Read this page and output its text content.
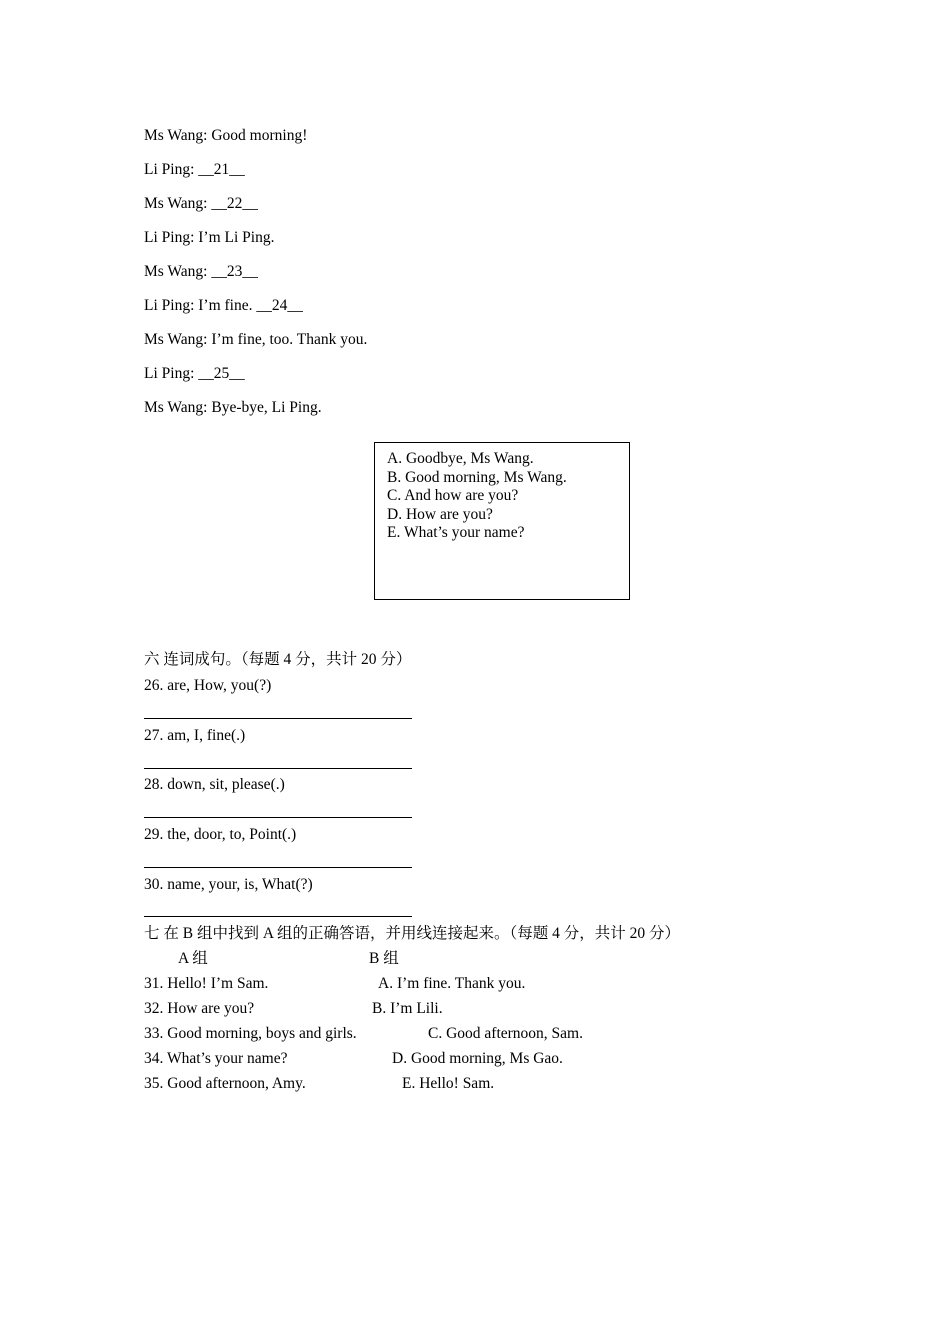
Ms Wang: Good morning!
Li Ping: __21__
Ms Wang: __22__
Li Ping: I’m Li Ping.
Ms Wang: __23__
Li Ping: I’m fine. __24__
Ms Wang: I’m fine, too. Thank you.
Li Ping: __25__
Ms Wang: Bye-bye, Li Ping.
A. Goodbye, Ms Wang.
B. Good morning, Ms Wang.
C. And how are you?
D. How are you?
E. What’s your name?
六 连词成句。（每题 4 分，共计 20 分）
26. are, How, you(?)
27. am, I, fine(.)
28. down, sit, please(.)
29. the, door, to, Point(.)
30. name, your, is, What(?)
七 在 B 组中找到 A 组的正确答语，并用线连接起来。（每题 4 分，共计 20 分）
A 组	B 组
31. Hello! I’m Sam.	A. I’m fine. Thank you.
32. How are you?	B. I’m Lili.
33. Good morning, boys and girls.	C. Good afternoon, Sam.
34. What’s your name?	D. Good morning, Ms Gao.
35. Good afternoon, Amy.	E. Hello! Sam.
